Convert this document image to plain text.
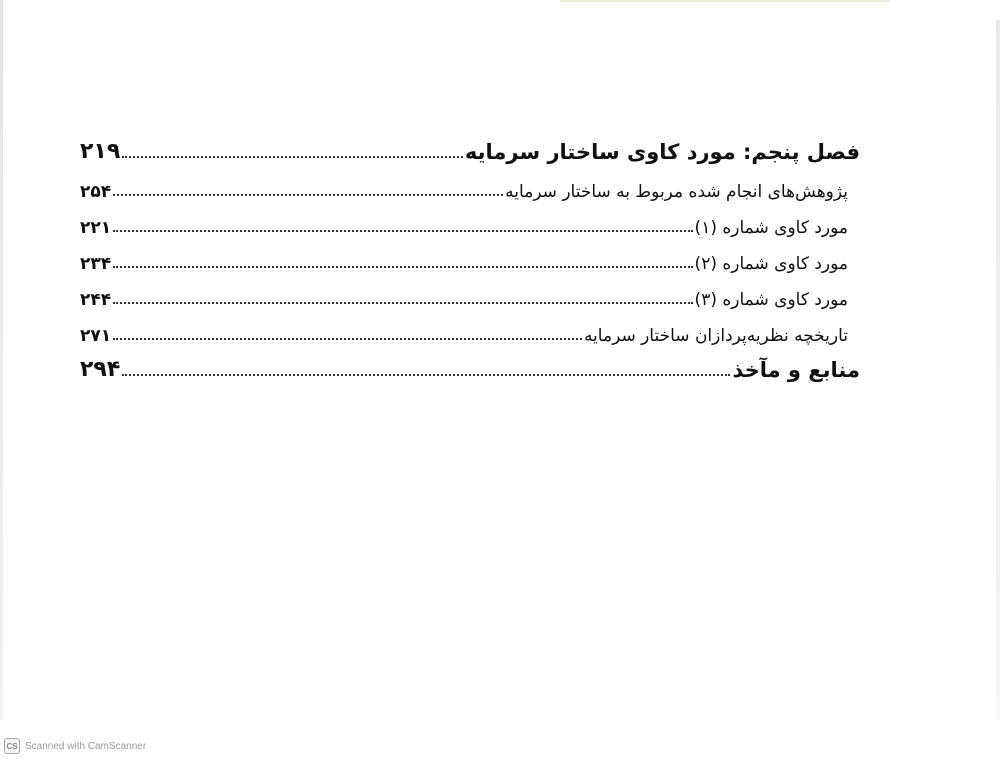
فصل پنجم: مورد کاوی ساختار سرمایه
۲۱۹
پژوهش‌های انجام شده مربوط به ساختار سرمایه
۲۵۴
مورد کاوی شماره (۱)
۲۲۱
مورد کاوی شماره (۲)
۲۳۴
مورد کاوی شماره (۳)
۲۴۴
تاریخچه نظریه‌پردازان ساختار سرمایه
۲۷۱
منابع و مآخذ
۲۹۴
CS Scanned with CamScanner
